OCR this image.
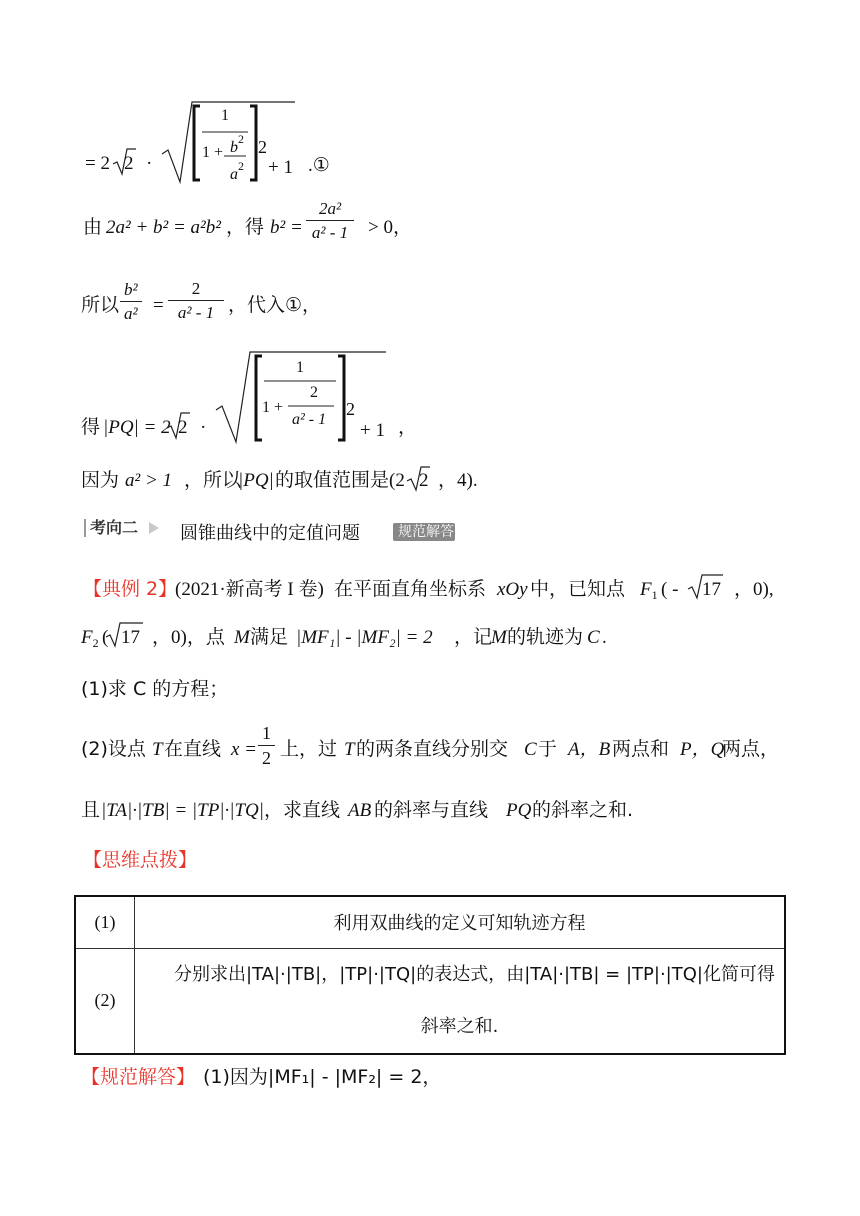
= 2 2 ·
1
$1 + b^2$
$a^2$
2
+ 1 .①
由 2a² + b² = a²b² ，得 $b^2 = \frac{\text{2a²}}{\text{a² - 1}} > 0$，
所以 $\frac{\text{b²}}{\text{a²}} = \frac{2}{\text{a² - 1}}$ ，代入①，
得 |PQ| = 2 2 ·
1
1 +
2
a² - 1
2
+ 1 ，
因为 a² > 1 ，所以
|PQ| 的取值范围是 (2 2 ，4).
考向二 圆锥曲线中的定值问题	规范解答
【典例 2】
(2021·新高考 I 卷) 在平面直角坐标系 xOy 中，已知点 $F_1$ ( - 17 ，0),
$F_2$ ( 17 ，0)，点 M 满足 |MF₁| - |MF₂| = 2 ，记
M 的轨迹为 C .
(1)求 C 的方程；
(2)设点 T 在直线 $x = \frac{1}{2}$ 上，过 T 的两条直线分别交 C 于 A，B 两点和 P，Q
两点，
且 |TA|·|TB| = |TP|·|TQ| ，求直线 AB 的斜率与直线 PQ 的斜率之和.
【思维点拨】
(1)	利用双曲线的定义可知轨迹方程
(2)	分别求出|TA|·|TB|，|TP|·|TQ|的表达式，由|TA|·|TB| = |TP|·|TQ|化简可得
斜率之和.
【规范解答】 (1)因为|MF₁| - |MF₂| = 2，
